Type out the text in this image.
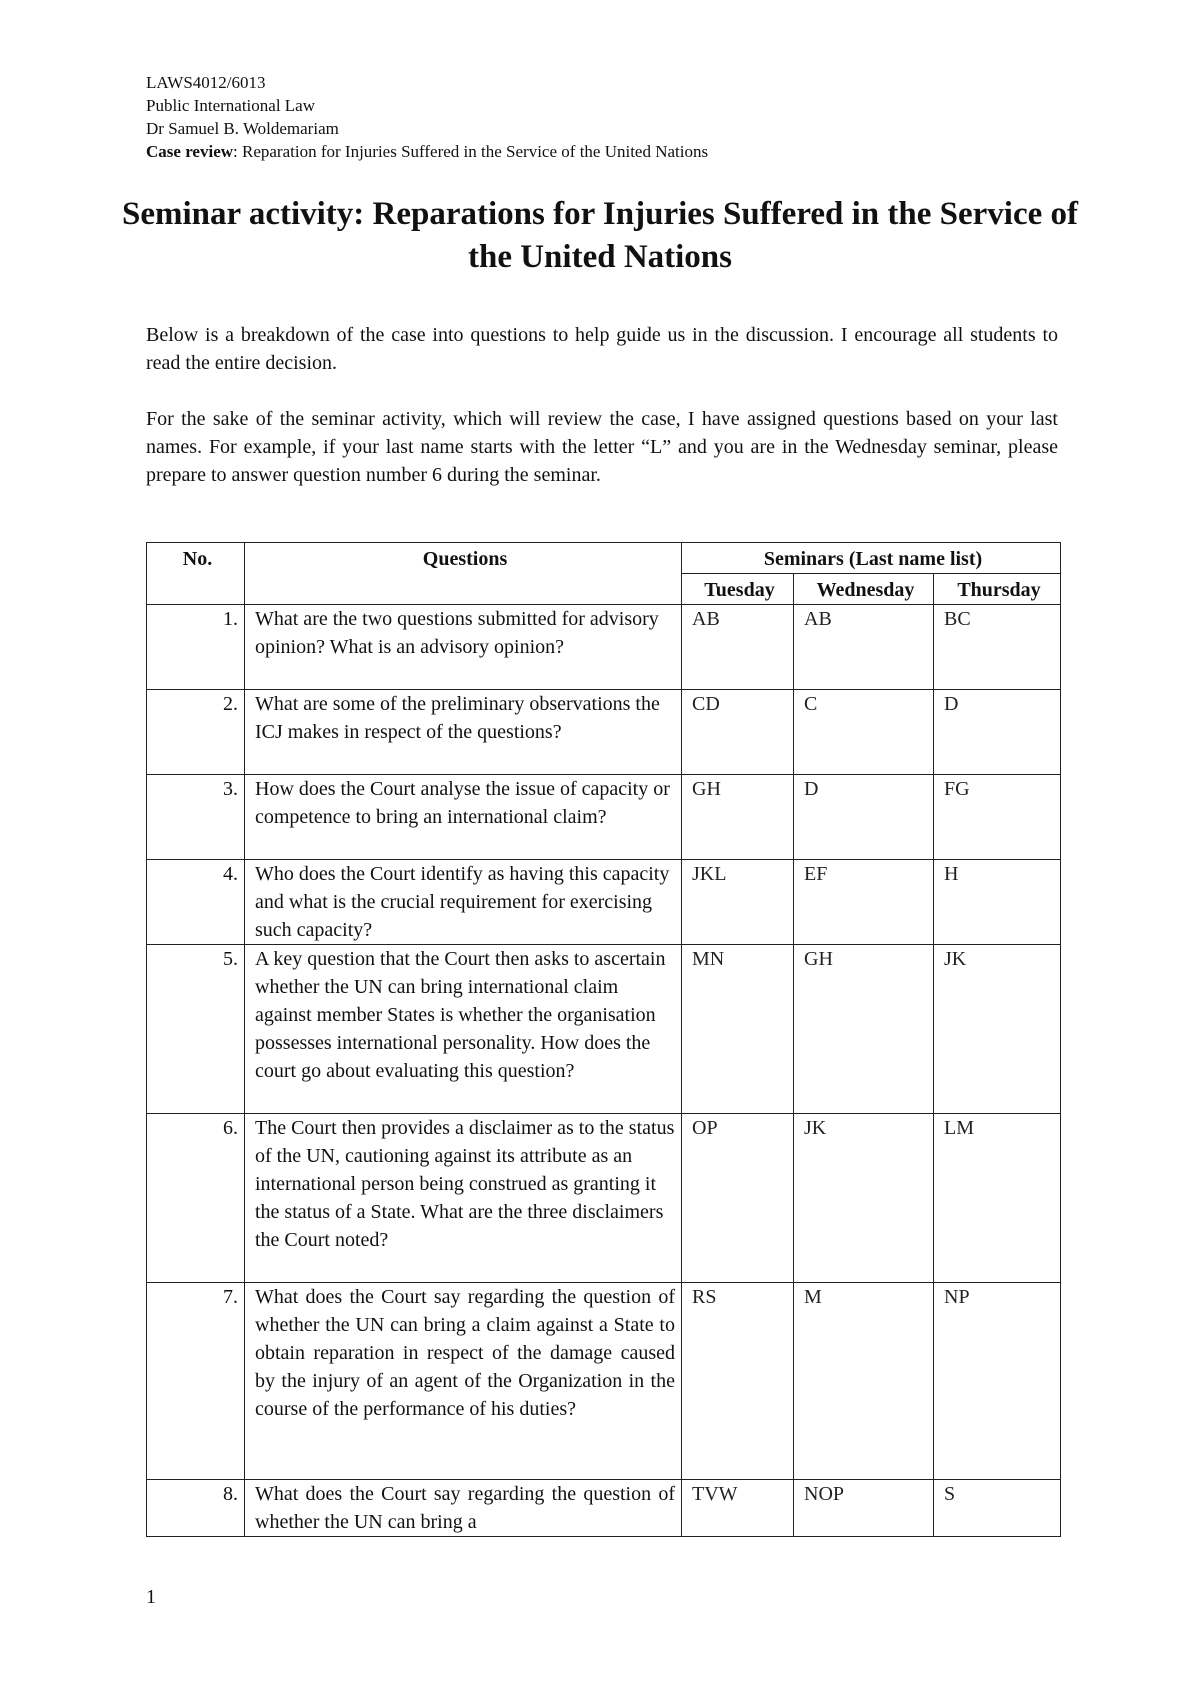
LAWS4012/6013
Public International Law
Dr Samuel B. Woldemariam
Case review: Reparation for Injuries Suffered in the Service of the United Nations
Seminar activity: Reparations for Injuries Suffered in the Service of the United Nations
Below is a breakdown of the case into questions to help guide us in the discussion. I encourage all students to read the entire decision.
For the sake of the seminar activity, which will review the case, I have assigned questions based on your last names. For example, if your last name starts with the letter “L” and you are in the Wednesday seminar, please prepare to answer question number 6 during the seminar.
No.	Questions	Seminars (Last name list)		
		Tuesday	Wednesday	Thursday
1.	What are the two questions submitted for advisory opinion? What is an advisory opinion?	AB	AB	BC
2.	What are some of the preliminary observations the ICJ makes in respect of the questions?	CD	C	D
3.	How does the Court analyse the issue of capacity or competence to bring an international claim?	GH	D	FG
4.	Who does the Court identify as having this capacity and what is the crucial requirement for exercising such capacity?	JKL	EF	H
5.	A key question that the Court then asks to ascertain whether the UN can bring international claim against member States is whether the organisation possesses international personality. How does the court go about evaluating this question?	MN	GH	JK
6.	The Court then provides a disclaimer as to the status of the UN, cautioning against its attribute as an international person being construed as granting it the status of a State. What are the three disclaimers the Court noted?	OP	JK	LM
7.	What does the Court say regarding the question of whether the UN can bring a claim against a State to obtain reparation in respect of the damage caused by the injury of an agent of the Organization in the course of the performance of his duties?	RS	M	NP
8.	What does the Court say regarding the question of whether the UN can bring a	TVW	NOP	S
1
